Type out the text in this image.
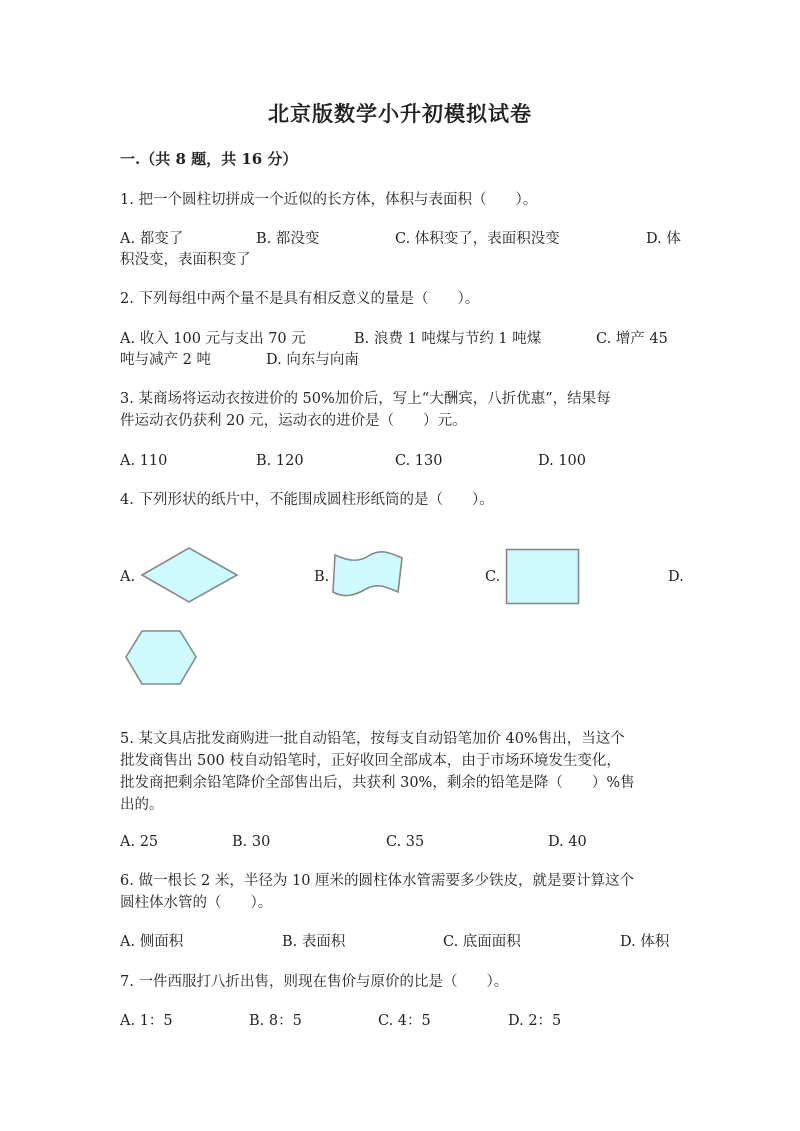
北京版数学小升初模拟试卷
一.（共 8 题，共 16 分）
1. 把一个圆柱切拼成一个近似的长方体，体积与表面积（　　）。
A. 都变了	B. 都没变	C. 体积变了，表面积没变	D. 体
积没变，表面积变了
2. 下列每组中两个量不是具有相反意义的量是（　　）。
A. 收入 100 元与支出 70 元	B. 浪费 1 吨煤与节约 1 吨煤	C. 增产 45
吨与减产 2 吨	D. 向东与向南
3. 某商场将运动衣按进价的 50%加价后，写上“大酬宾，八折优惠”，结果每
件运动衣仍获利 20 元，运动衣的进价是（　　）元。
A. 110	B. 120	C. 130	D. 100
4. 下列形状的纸片中，不能围成圆柱形纸筒的是（　　）。
A.	B.	C.	D.
5. 某文具店批发商购进一批自动铅笔，按每支自动铅笔加价 40%售出，当这个
批发商售出 500 枝自动铅笔时，正好收回全部成本，由于市场环境发生变化，
批发商把剩余铅笔降价全部售出后，共获利 30%，剩余的铅笔是降（　　）%售
出的。
A. 25	B. 30	C. 35	D. 40
6. 做一根长 2 米，半径为 10 厘米的圆柱体水管需要多少铁皮，就是要计算这个
圆柱体水管的（　　）。
A. 侧面积	B. 表面积	C. 底面面积	D. 体积
7. 一件西服打八折出售，则现在售价与原价的比是（　　）。
A. 1：5	B. 8：5	C. 4：5	D. 2：5
